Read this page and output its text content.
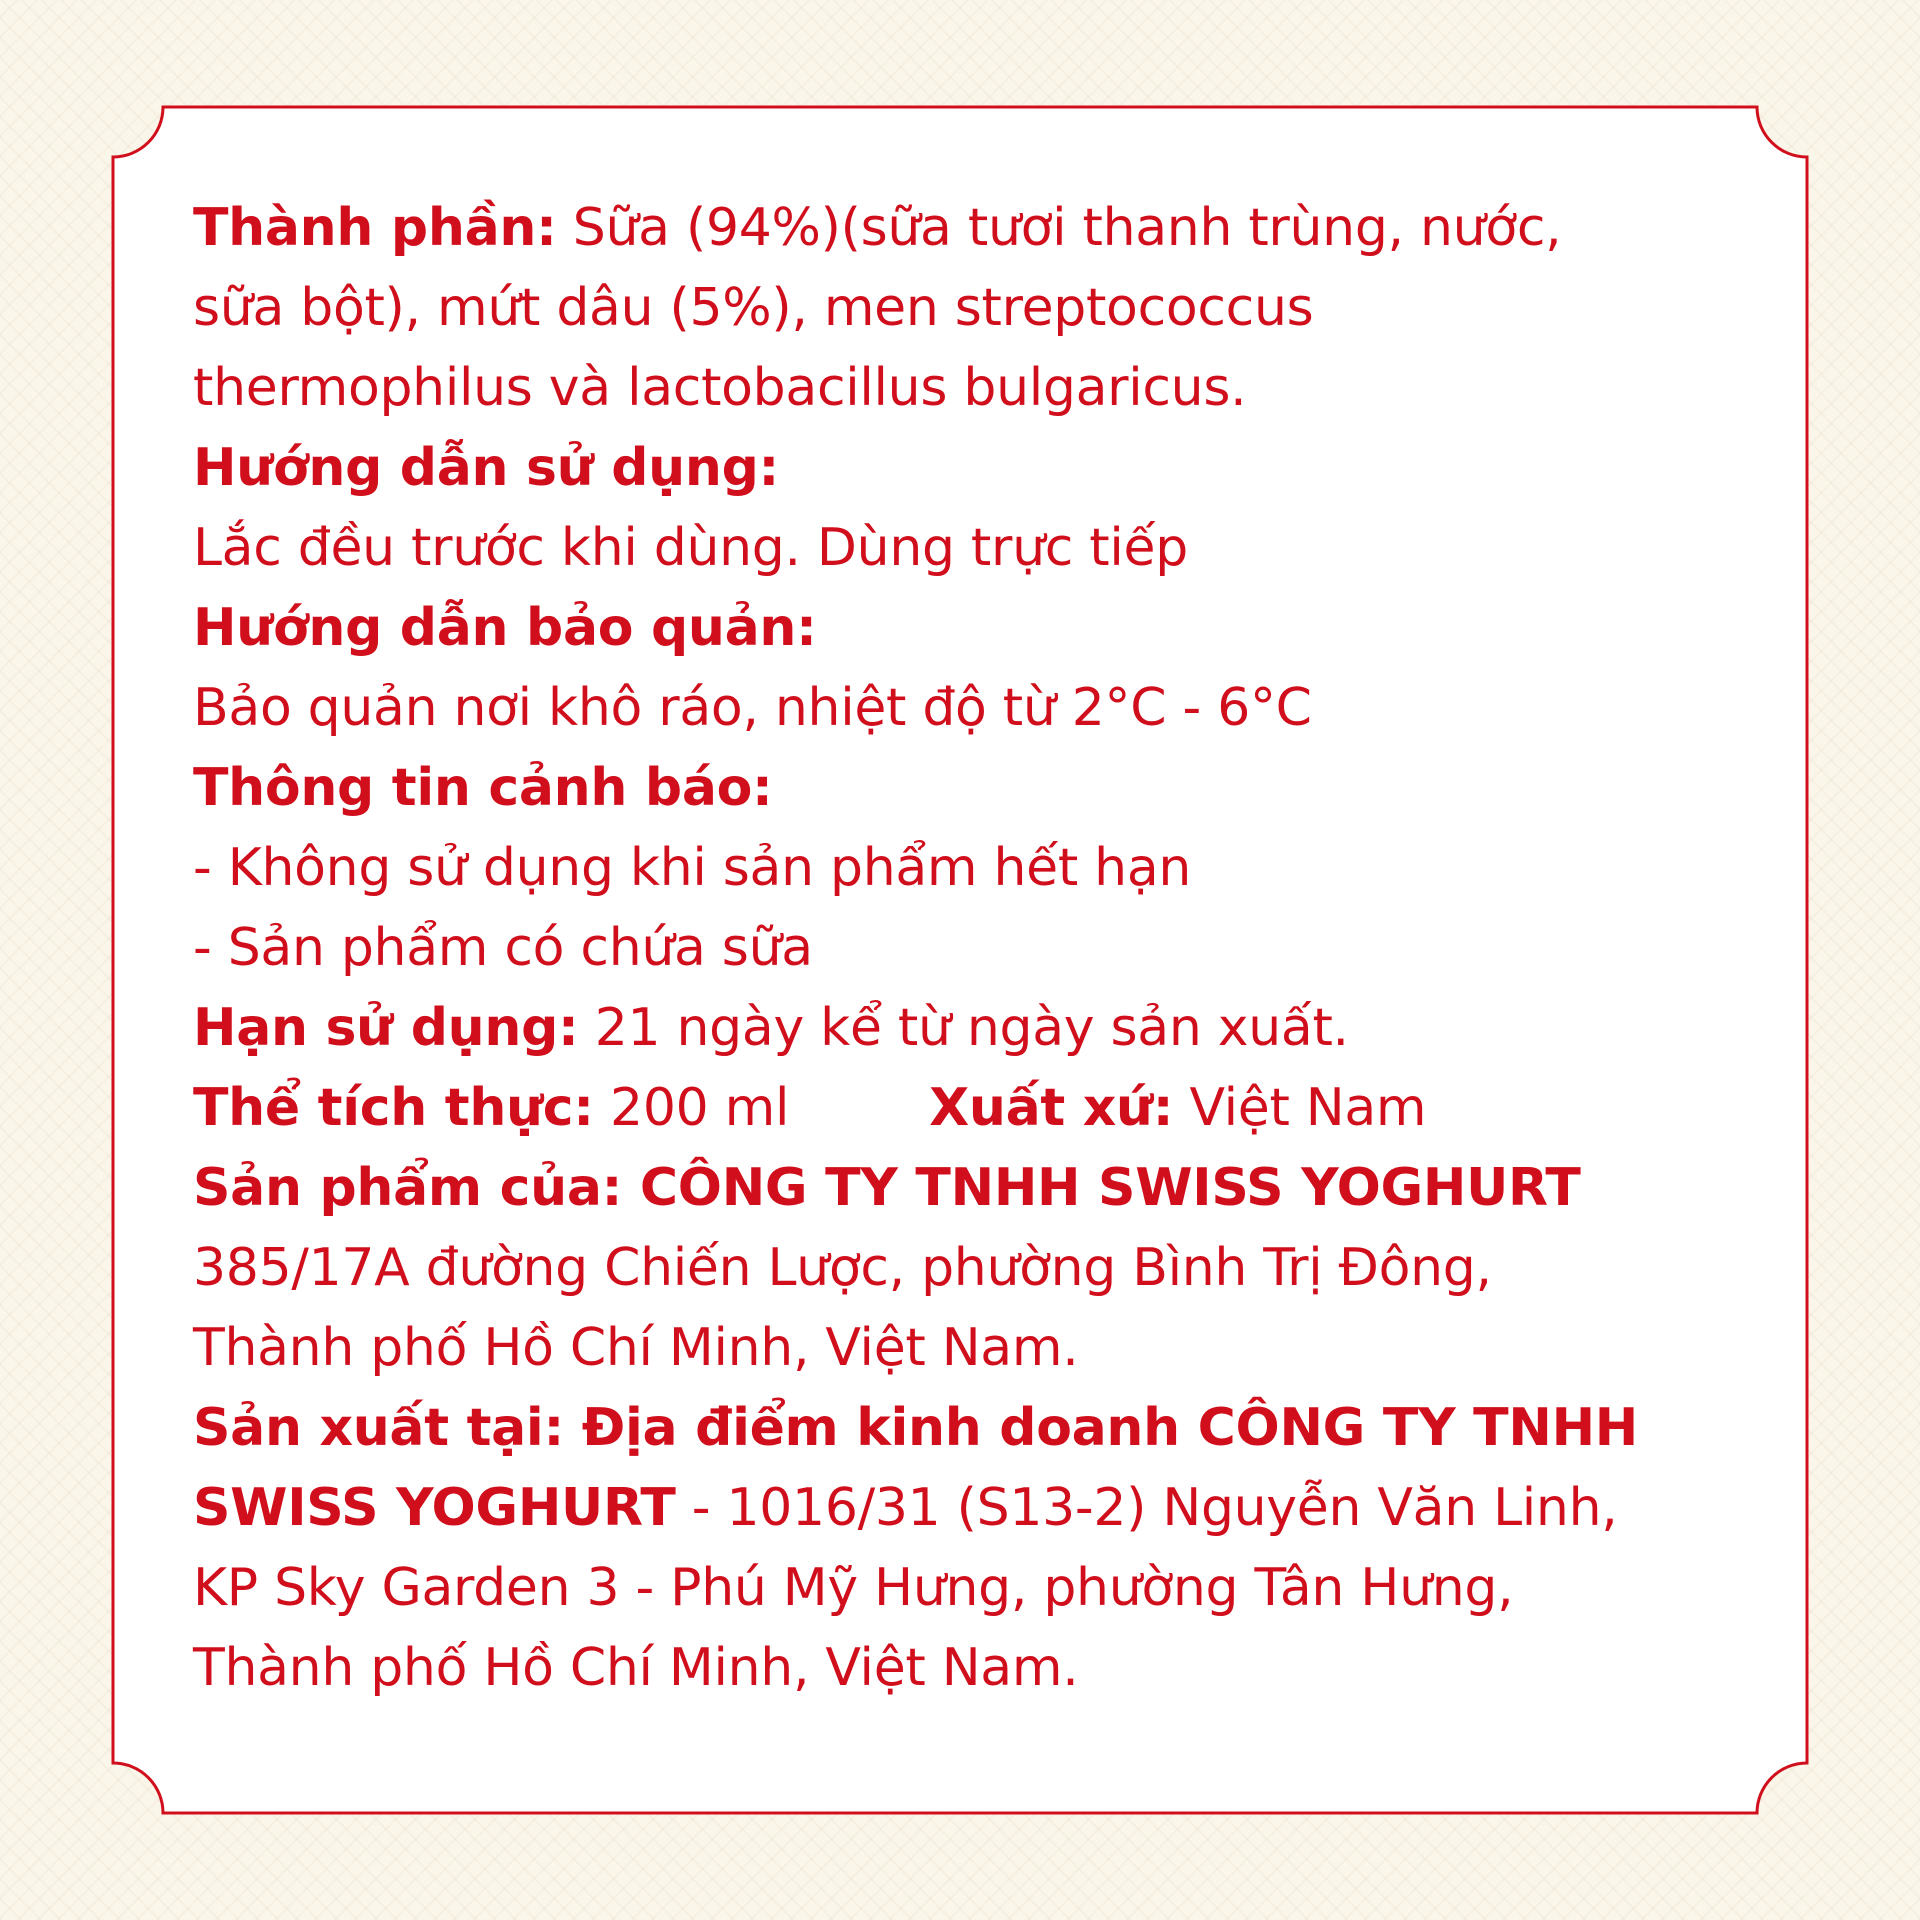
Thành phần: Sữa (94%)(sữa tươi thanh trùng, nước,

sữa bột), mứt dâu (5%), men streptococcus

thermophilus và lactobacillus bulgaricus.

Hướng dẫn sử dụng:

Lắc đều trước khi dùng. Dùng trực tiếp

Hướng dẫn bảo quản:

Bảo quản nơi khô ráo, nhiệt độ từ 2°C - 6°C

Thông tin cảnh báo:

- Không sử dụng khi sản phẩm hết hạn

- Sản phẩm có chứa sữa

Hạn sử dụng: 21 ngày kể từ ngày sản xuất.

Thể tích thực: 200 ml	Xuất xứ: Việt Nam

Sản phẩm của: CÔNG TY TNHH SWISS YOGHURT

385/17A đường Chiến Lược, phường Bình Trị Đông,

Thành phố Hồ Chí Minh, Việt Nam.

Sản xuất tại: Địa điểm kinh doanh CÔNG TY TNHH

SWISS YOGHURT - 1016/31 (S13-2) Nguyễn Văn Linh,

KP Sky Garden 3 - Phú Mỹ Hưng, phường Tân Hưng,

Thành phố Hồ Chí Minh, Việt Nam.
